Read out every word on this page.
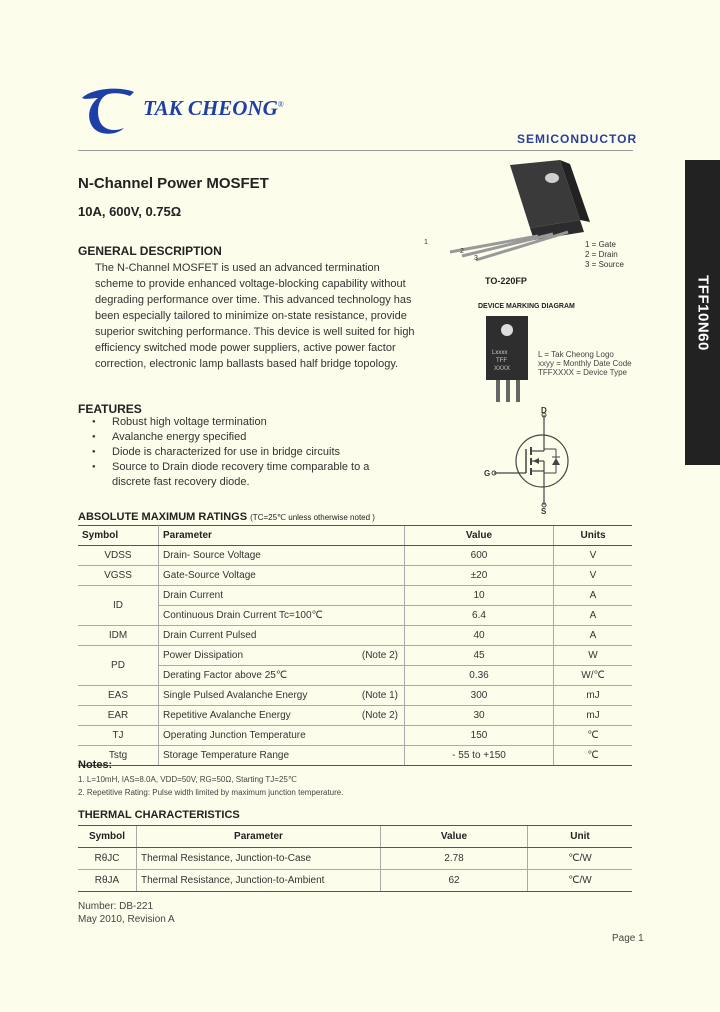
TAK CHEONG®
SEMICONDUCTOR
TFF10N60
N-Channel Power MOSFET
10A, 600V, 0.75Ω
GENERAL DESCRIPTION
The N-Channel MOSFET is used an advanced termination scheme to provide enhanced voltage-blocking capability without degrading performance over time. This advanced technology has been especially tailored to minimize on-state resistance, provide superior switching performance. This device is well suited for high efficiency switched mode power suppliers, active power factor correction, electronic lamp ballasts based half bridge topology.
FEATURES
● Robust high voltage termination
● Avalanche energy specified
● Diode is characterized for use in bridge circuits
● Source to Drain diode recovery time comparable to a discrete fast recovery diode.
1
2
3
1 = Gate
2 = Drain
3 = Source
TO-220FP
DEVICE MARKING DIAGRAM
Lxxxx
TFF
XXXX
L = Tak Cheong Logo
xxyy = Monthly Date Code
TFFXXXX = Device Type
D
G
S
ABSOLUTE MAXIMUM RATINGS (TC=25℃ unless otherwise noted )
Symbol	Parameter	Value	Units
VDSS	Drain- Source Voltage	600	V
VGSS	Gate-Source Voltage	±20	V
ID	Drain Current	10	A
	Continuous Drain Current Tc=100℃	6.4	A
IDM	Drain Current Pulsed	40	A
PD	Power Dissipation (Note 2)	45	W
	Derating Factor above 25℃	0.36	W/℃
EAS	Single Pulsed Avalanche Energy (Note 1)	300	mJ
EAR	Repetitive Avalanche Energy (Note 2)	30	mJ
TJ	Operating Junction Temperature	150	℃
Tstg	Storage Temperature Range	- 55 to +150	℃
Notes:
1. L=10mH, IAS=8.0A, VDD=50V, RG=50Ω, Starting TJ=25℃
2. Repetitive Rating: Pulse width limited by maximum junction temperature.
THERMAL CHARACTERISTICS
Symbol	Parameter	Value	Unit
RθJC	Thermal Resistance, Junction-to-Case	2.78	℃/W
RθJA	Thermal Resistance, Junction-to-Ambient	62	℃/W
Number: DB-221
May 2010, Revision A
Page 1
